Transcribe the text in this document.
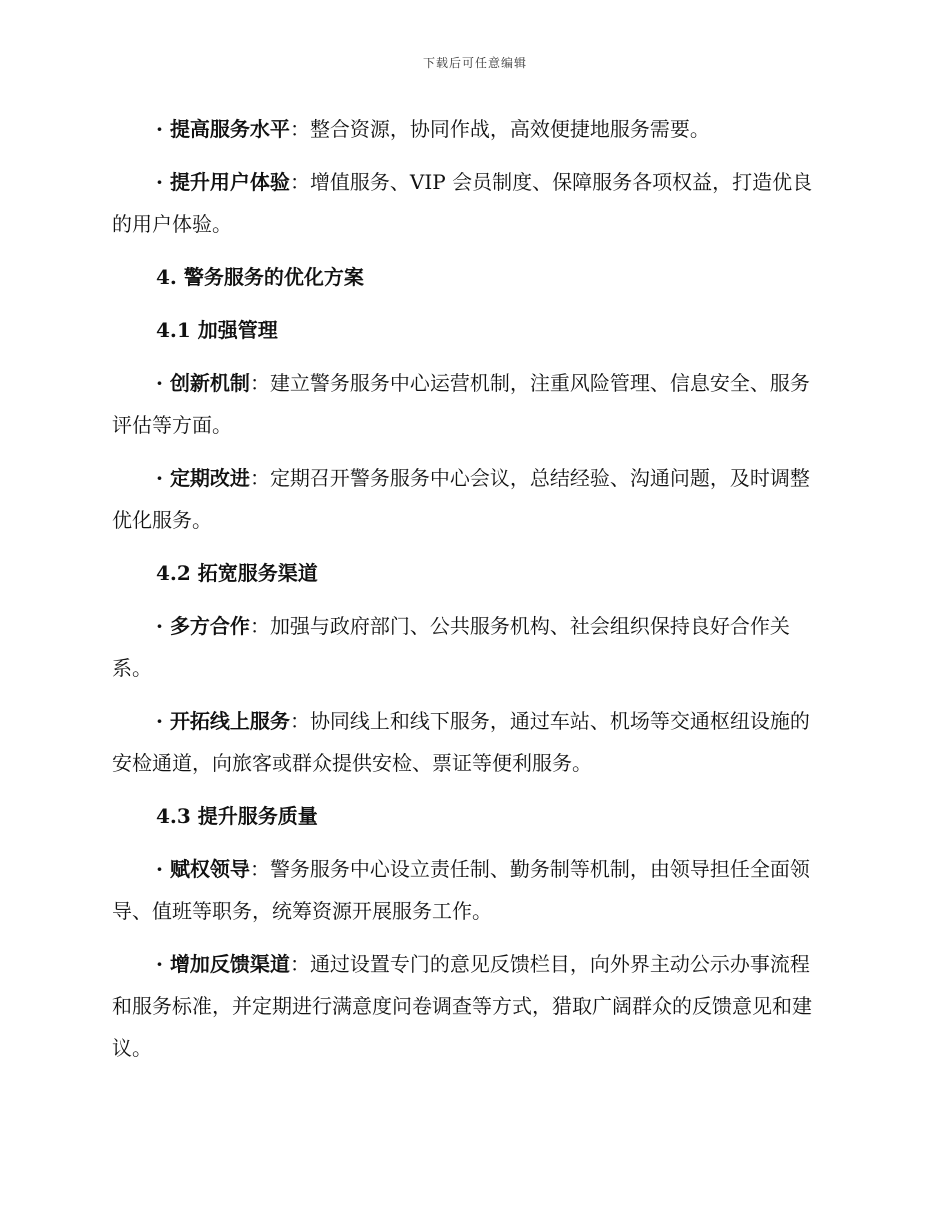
下载后可任意编辑

· 提高服务水平：整合资源，协同作战，高效便捷地服务需要。

· 提升用户体验：增值服务、VIP 会员制度、保障服务各项权益，打造优良的用户体验。

4. 警务服务的优化方案

4.1 加强管理

· 创新机制：建立警务服务中心运营机制，注重风险管理、信息安全、服务评估等方面。

· 定期改进：定期召开警务服务中心会议，总结经验、沟通问题，及时调整优化服务。

4.2 拓宽服务渠道

· 多方合作：加强与政府部门、公共服务机构、社会组织保持良好合作关系。

· 开拓线上服务：协同线上和线下服务，通过车站、机场等交通枢纽设施的安检通道，向旅客或群众提供安检、票证等便利服务。

4.3 提升服务质量

· 赋权领导：警务服务中心设立责任制、勤务制等机制，由领导担任全面领导、值班等职务，统筹资源开展服务工作。

· 增加反馈渠道：通过设置专门的意见反馈栏目，向外界主动公示办事流程和服务标准，并定期进行满意度问卷调查等方式，猎取广阔群众的反馈意见和建议。
